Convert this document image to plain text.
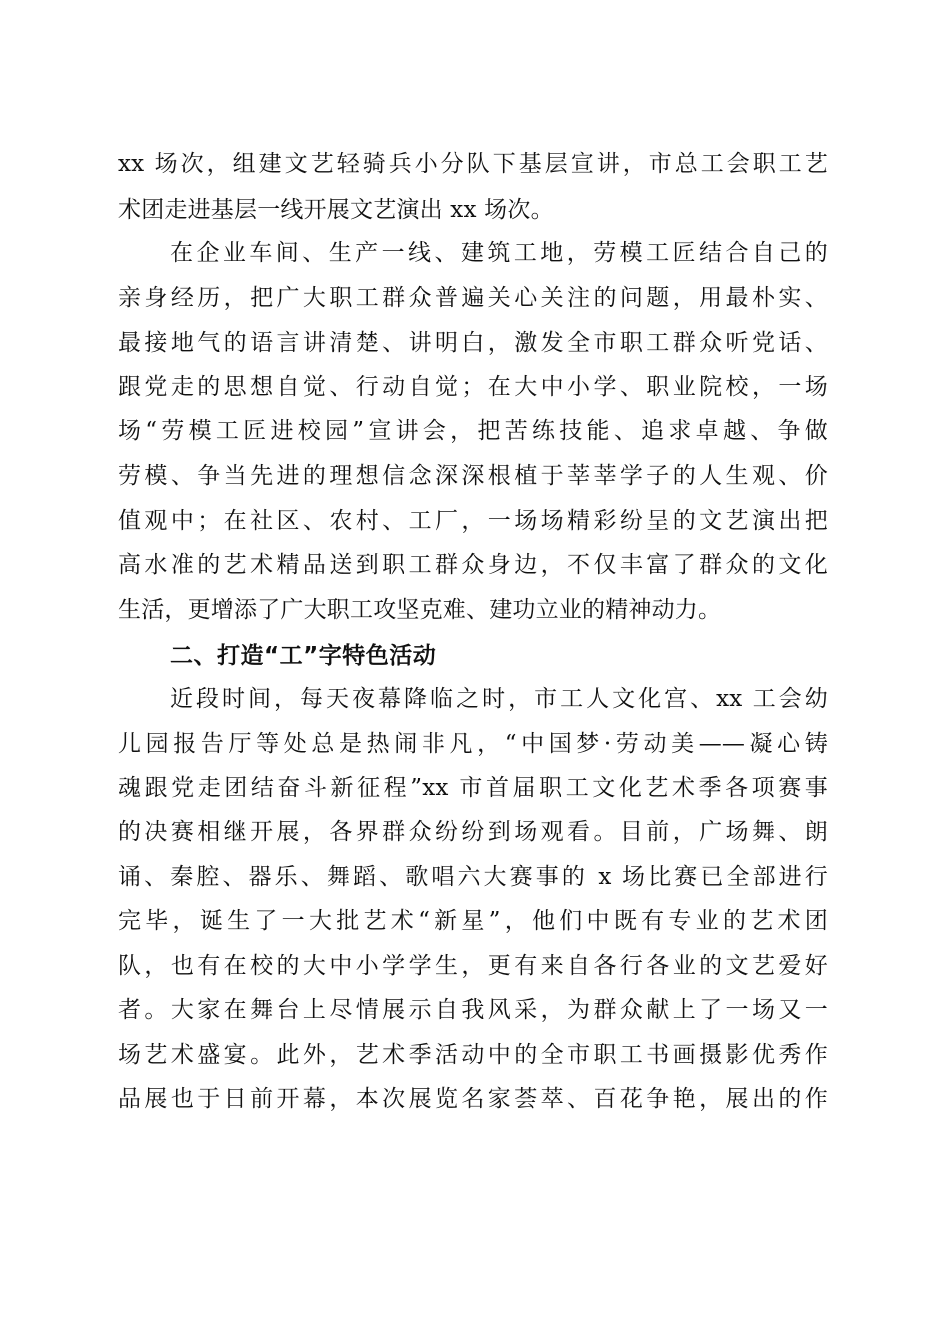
xx 场次，组建文艺轻骑兵小分队下基层宣讲，市总工会职工艺
术团走进基层一线开展文艺演出 xx 场次。
在企业车间、生产一线、建筑工地，劳模工匠结合自己的
亲身经历，把广大职工群众普遍关心关注的问题，用最朴实、
最接地气的语言讲清楚、讲明白，激发全市职工群众听党话、
跟党走的思想自觉、行动自觉；在大中小学、职业院校，一场
场“劳模工匠进校园”宣讲会，把苦练技能、追求卓越、争做
劳模、争当先进的理想信念深深根植于莘莘学子的人生观、价
值观中；在社区、农村、工厂，一场场精彩纷呈的文艺演出把
高水准的艺术精品送到职工群众身边，不仅丰富了群众的文化
生活，更增添了广大职工攻坚克难、建功立业的精神动力。
二、打造“工”字特色活动
近段时间，每天夜幕降临之时，市工人文化宫、xx 工会幼
儿园报告厅等处总是热闹非凡，“中国梦·劳动美——凝心铸
魂跟党走团结奋斗新征程”xx 市首届职工文化艺术季各项赛事
的决赛相继开展，各界群众纷纷到场观看。目前，广场舞、朗
诵、秦腔、器乐、舞蹈、歌唱六大赛事的 x 场比赛已全部进行
完毕，诞生了一大批艺术“新星”，他们中既有专业的艺术团
队，也有在校的大中小学学生，更有来自各行各业的文艺爱好
者。大家在舞台上尽情展示自我风采，为群众献上了一场又一
场艺术盛宴。此外，艺术季活动中的全市职工书画摄影优秀作
品展也于日前开幕，本次展览名家荟萃、百花争艳，展出的作
